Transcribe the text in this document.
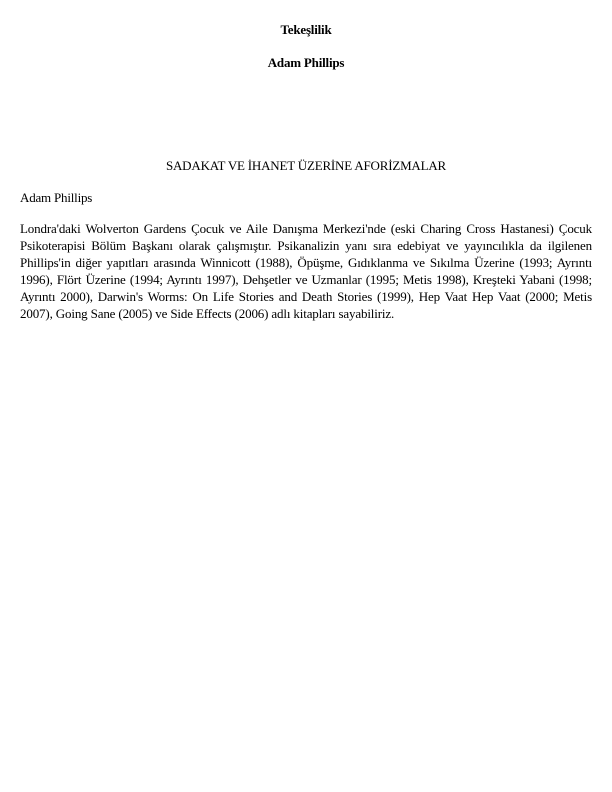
Tekeşlilik
Adam Phillips
SADAKAT VE İHANET ÜZERİNE AFORİZMALAR
Adam Phillips

Londra'daki Wolverton Gardens Çocuk ve Aile Danışma Merkezi'nde (eski Charing Cross Hastanesi) Çocuk Psikoterapisi Bölüm Başkanı olarak çalışmıştır. Psikanalizin yanı sıra edebiyat ve yayıncılıkla da ilgilenen Phillips'in diğer yapıtları arasında Winnicott (1988), Öpüşme, Gıdıklanma ve Sıkılma Üzerine (1993; Ayrıntı 1996), Flört Üzerine (1994; Ayrıntı 1997), Dehşetler ve Uzmanlar (1995; Metis 1998), Kreşteki Yabani (1998; Ayrıntı 2000), Darwin's Worms: On Life Stories and Death Stories (1999), Hep Vaat Hep Vaat (2000; Metis 2007), Going Sane (2005) ve Side Effects (2006) adlı kitapları sayabiliriz.
